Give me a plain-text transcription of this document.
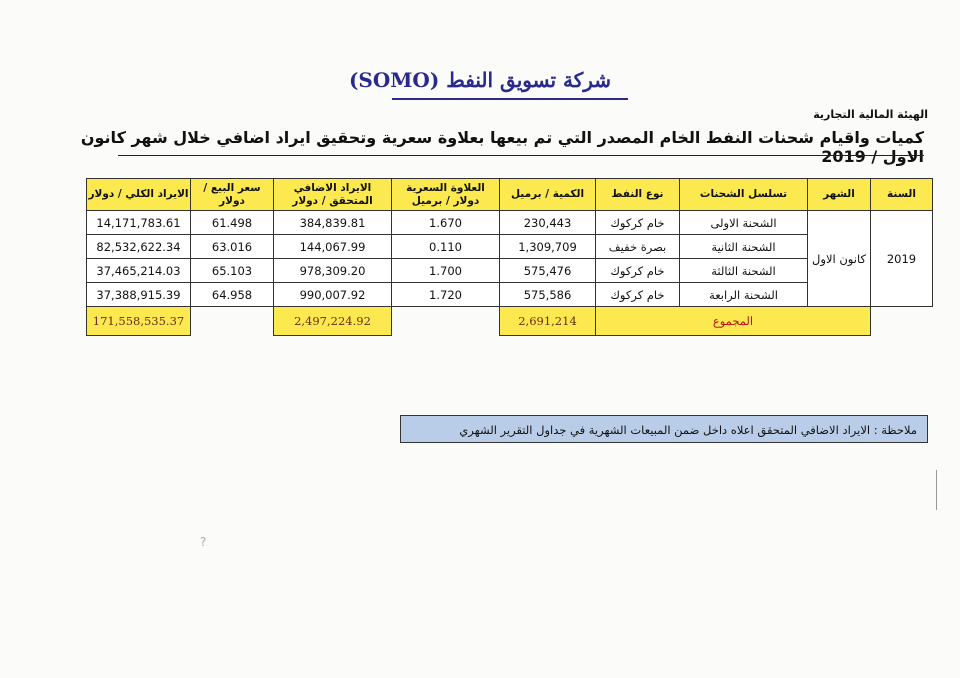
شركة تسويق النفط (SOMO)
الهيئة المالية التجارية
كميات واقيام شحنات النفط الخام المصدر التي تم بيعها بعلاوة سعرية وتحقيق ايراد اضافي خلال شهر كانون الاول / 2019
السنة	الشهر	تسلسل الشحنات	نوع النفط	الكمية / برميل	العلاوة السعرية دولار / برميل	الايراد الاضافي المتحقق / دولار	سعر البيع / دولار	الايراد الكلي / دولار
2019	كانون الاول	الشحنة الاولى	خام كركوك	230,443	1.670	384,839.81	61.498	14,171,783.61
		الشحنة الثانية	بصرة خفيف	1,309,709	0.110	144,067.99	63.016	82,532,622.34
		الشحنة الثالثة	خام كركوك	575,476	1.700	978,309.20	65.103	37,465,214.03
		الشحنة الرابعة	خام كركوك	575,586	1.720	990,007.92	64.958	37,388,915.39
	المجموع			2,691,214		2,497,224.92		171,558,535.37
ملاحظة : الايراد الاضافي المتحقق اعلاه داخل ضمن المبيعات الشهرية في جداول التقرير الشهري
?
